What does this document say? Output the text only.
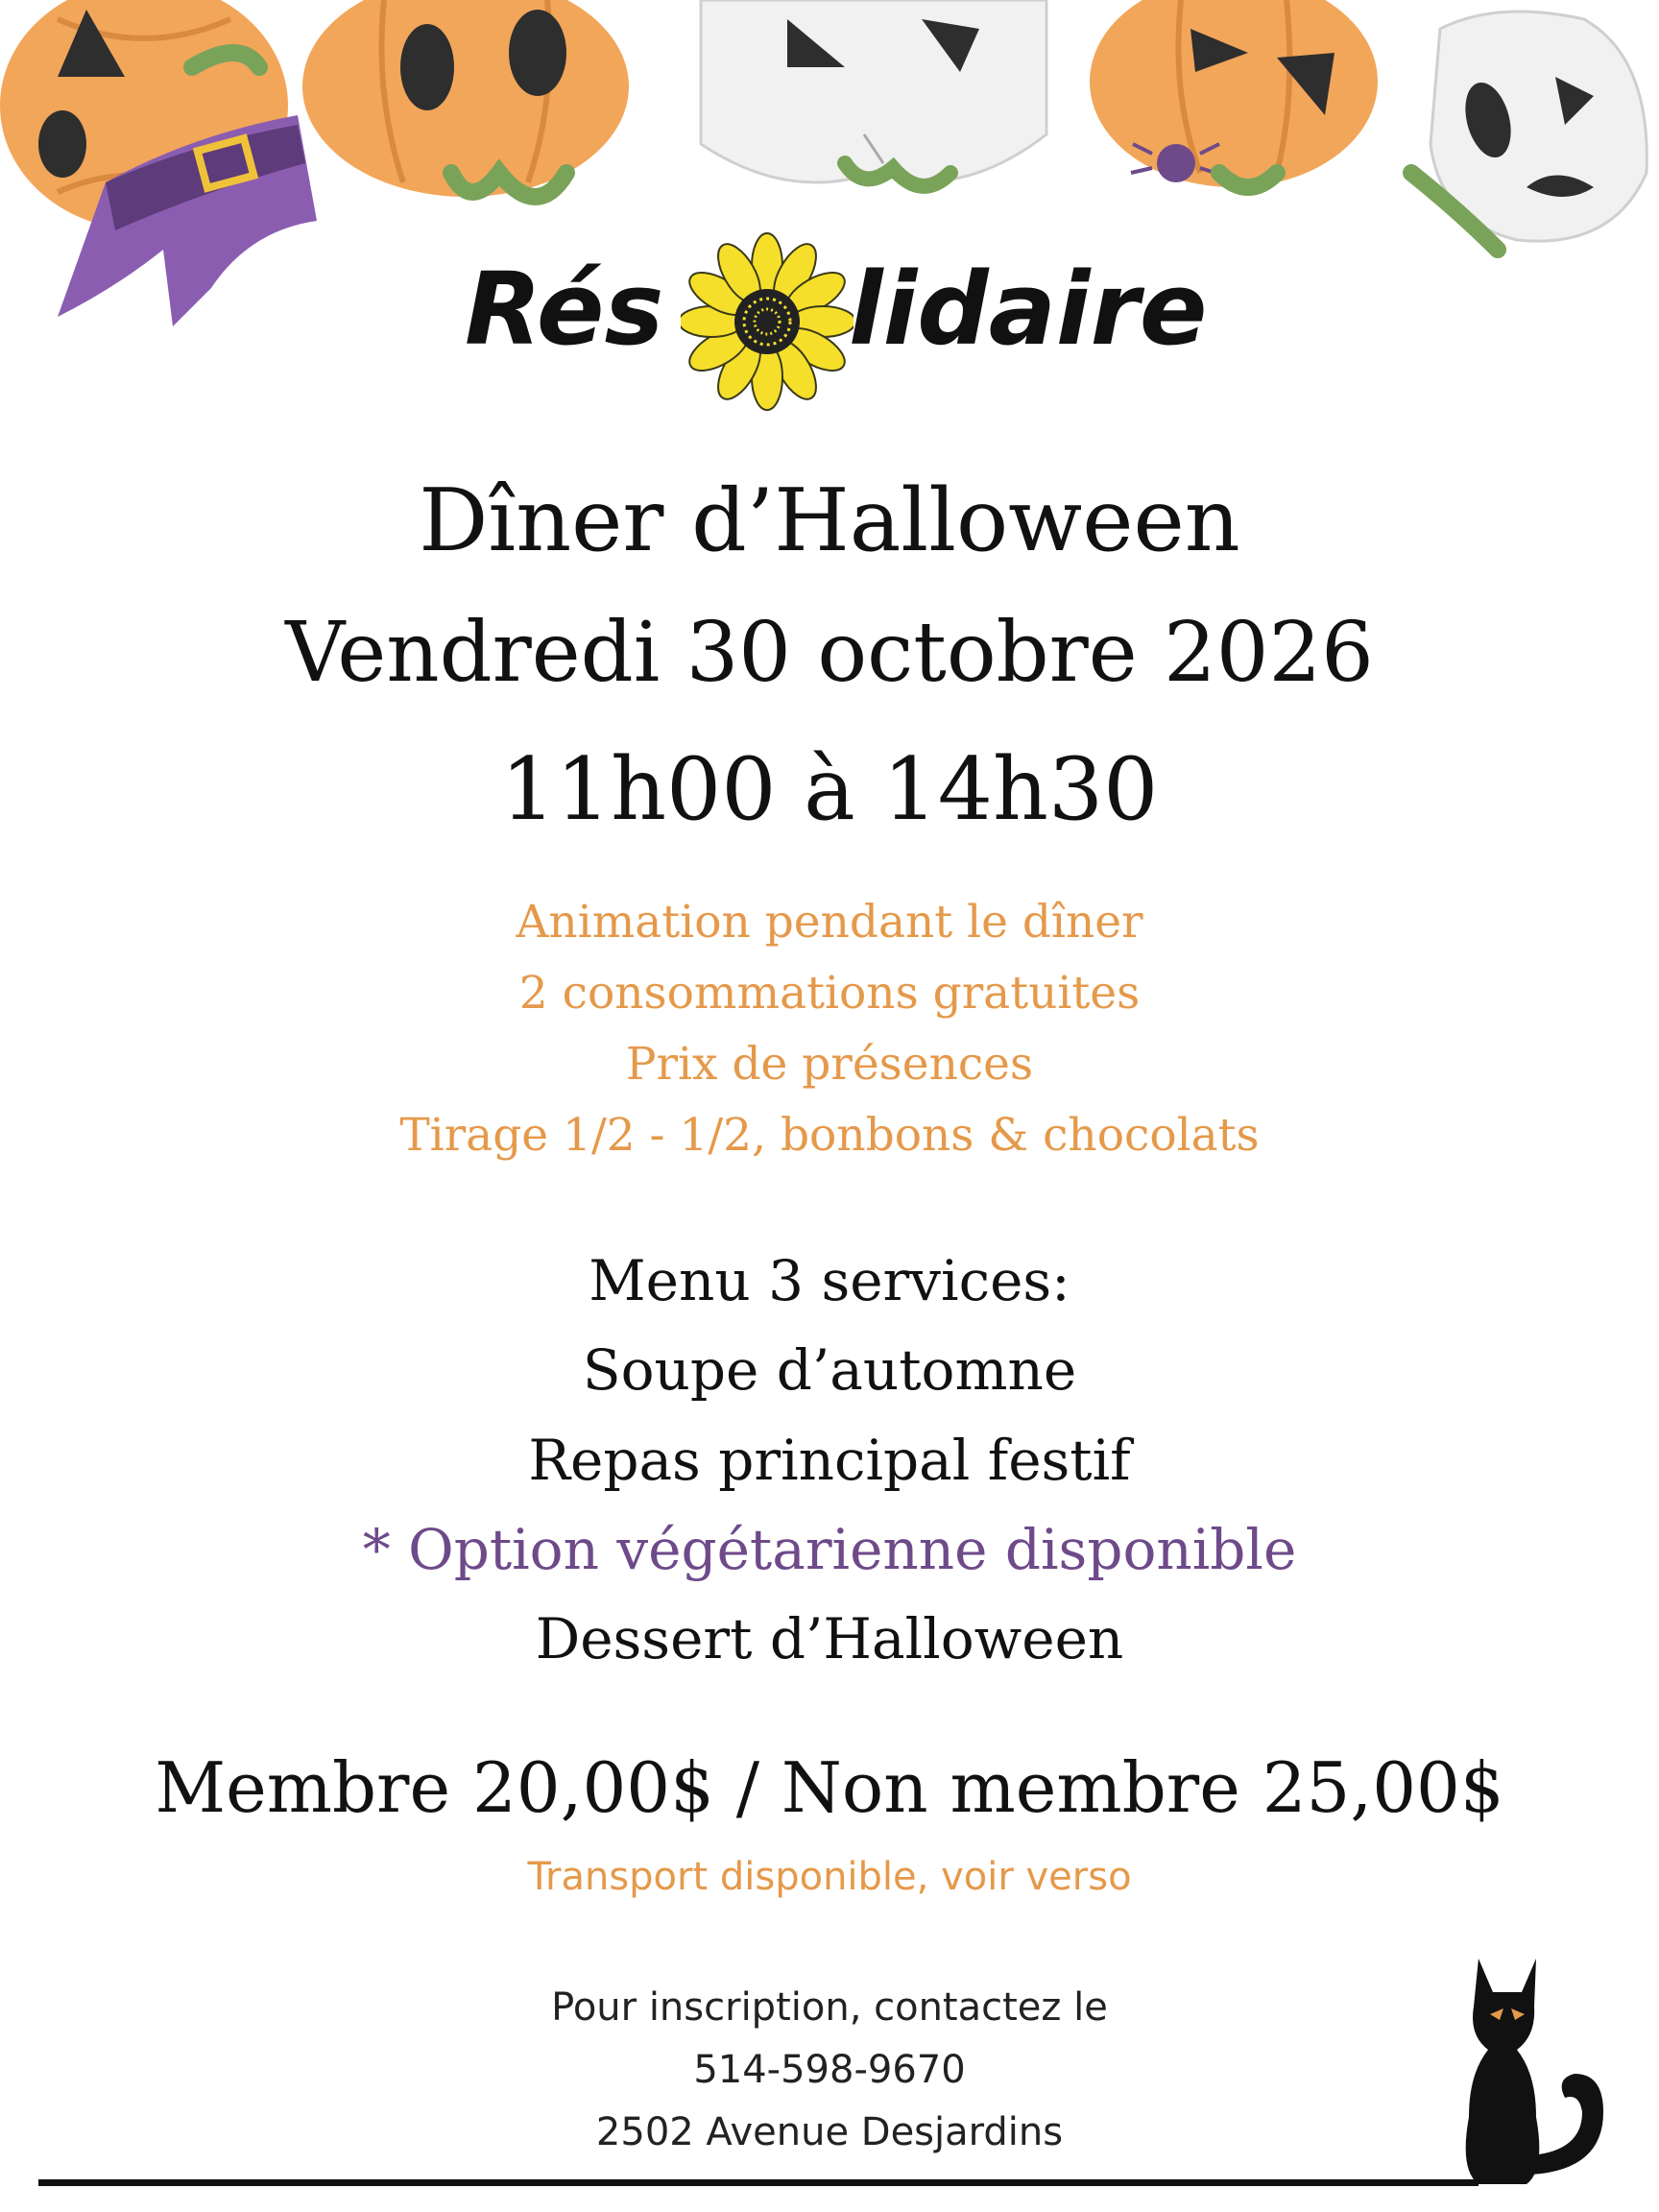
Rés lidaire
Dîner d’Halloween
Vendredi 30 octobre 2026
11h00 à 14h30
Animation pendant le dîner
2 consommations gratuites
Prix de présences
Tirage 1/2 - 1/2, bonbons & chocolats
Menu 3 services:
Soupe d’automne
Repas principal festif
* Option végétarienne disponible
Dessert d’Halloween
Membre 20,00$ / Non membre 25,00$
Transport disponible, voir verso
Pour inscription, contactez le
514-598-9670
2502 Avenue Desjardins
